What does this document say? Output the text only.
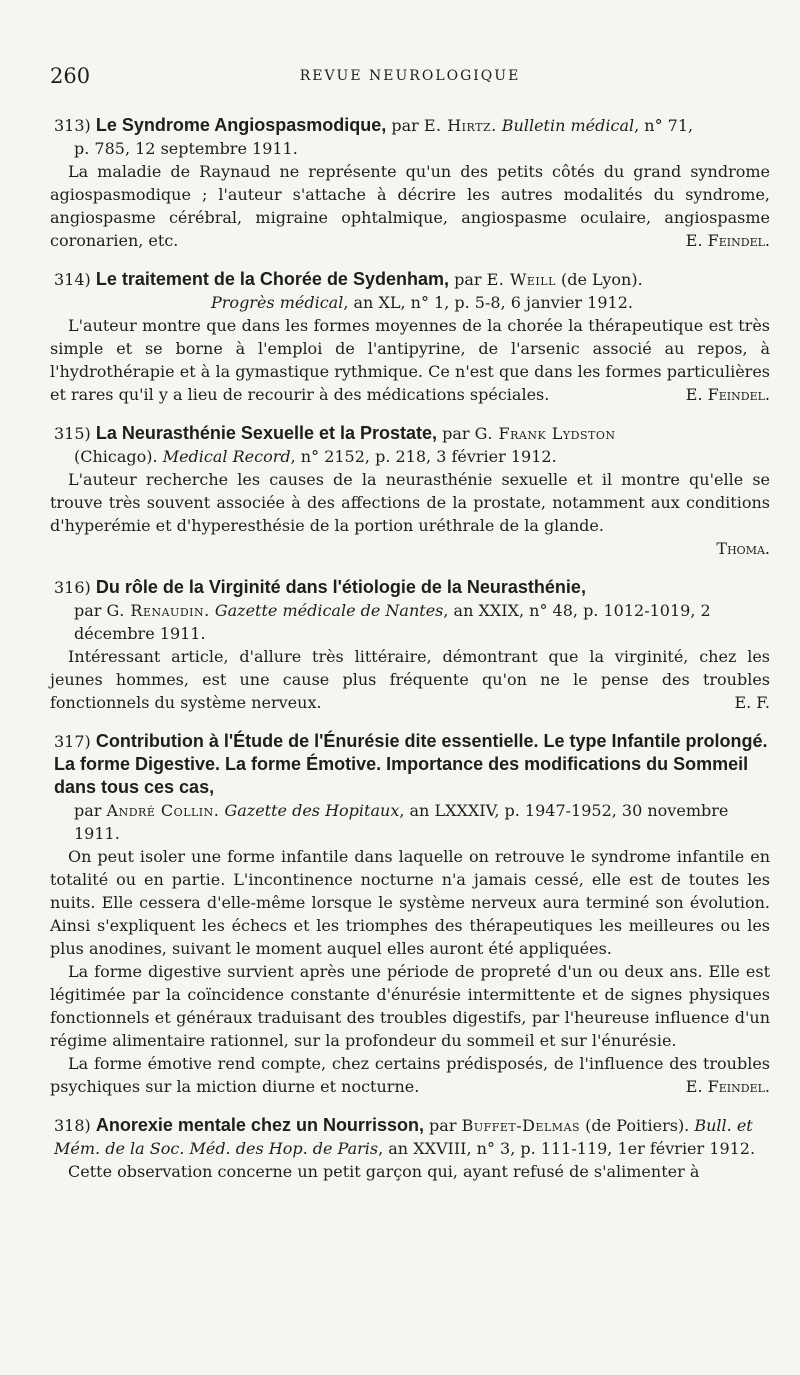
260	REVUE NEUROLOGIQUE
313) Le Syndrome Angiospasmodique, par E. Hirtz. Bulletin médical, n° 71,
p. 785, 12 septembre 1911.
La maladie de Raynaud ne représente qu'un des petits côtés du grand syndrome agiospasmodique ; l'auteur s'attache à décrire les autres modalités du syndrome, angiospasme cérébral, migraine ophtalmique, angiospasme oculaire, angiospasme coronarien, etc.	E. Feindel.
314) Le traitement de la Chorée de Sydenham, par E. Weill (de Lyon).
Progrès médical, an XL, n° 1, p. 5-8, 6 janvier 1912.
L'auteur montre que dans les formes moyennes de la chorée la thérapeutique est très simple et se borne à l'emploi de l'antipyrine, de l'arsenic associé au repos, à l'hydrothérapie et à la gymastique rythmique. Ce n'est que dans les formes particulières et rares qu'il y a lieu de recourir à des médications spéciales.	E. Feindel.
315) La Neurasthénie Sexuelle et la Prostate, par G. Frank Lydston
(Chicago). Medical Record, n° 2152, p. 218, 3 février 1912.
L'auteur recherche les causes de la neurasthénie sexuelle et il montre qu'elle se trouve très souvent associée à des affections de la prostate, notamment aux conditions d'hyperémie et d'hyperesthésie de la portion uréthrale de la glande.
Thoma.
316) Du rôle de la Virginité dans l'étiologie de la Neurasthénie,
par G. Renaudin. Gazette médicale de Nantes, an XXIX, n° 48, p. 1012-1019, 2 décembre 1911.
Intéressant article, d'allure très littéraire, démontrant que la virginité, chez les jeunes hommes, est une cause plus fréquente qu'on ne le pense des troubles fonctionnels du système nerveux.	E. F.
317) Contribution à l'Étude de l'Énurésie dite essentielle. Le type Infantile prolongé. La forme Digestive. La forme Émotive. Importance des modifications du Sommeil dans tous ces cas,
par André Collin. Gazette des Hopitaux, an LXXXIV, p. 1947-1952, 30 novembre 1911.
On peut isoler une forme infantile dans laquelle on retrouve le syndrome infantile en totalité ou en partie. L'incontinence nocturne n'a jamais cessé, elle est de toutes les nuits. Elle cessera d'elle-même lorsque le système nerveux aura terminé son évolution. Ainsi s'expliquent les échecs et les triomphes des thérapeutiques les meilleures ou les plus anodines, suivant le moment auquel elles auront été appliquées.
La forme digestive survient après une période de propreté d'un ou deux ans. Elle est légitimée par la coïncidence constante d'énurésie intermittente et de signes physiques fonctionnels et généraux traduisant des troubles digestifs, par l'heureuse influence d'un régime alimentaire rationnel, sur la profondeur du sommeil et sur l'énurésie.
La forme émotive rend compte, chez certains prédisposés, de l'influence des troubles psychiques sur la miction diurne et nocturne.	E. Feindel.
318) Anorexie mentale chez un Nourrisson, par Buffet-Delmas (de Poitiers). Bull. et Mém. de la Soc. Méd. des Hop. de Paris, an XXVIII, n° 3, p. 111-119, 1er février 1912.
Cette observation concerne un petit garçon qui, ayant refusé de s'alimenter à
